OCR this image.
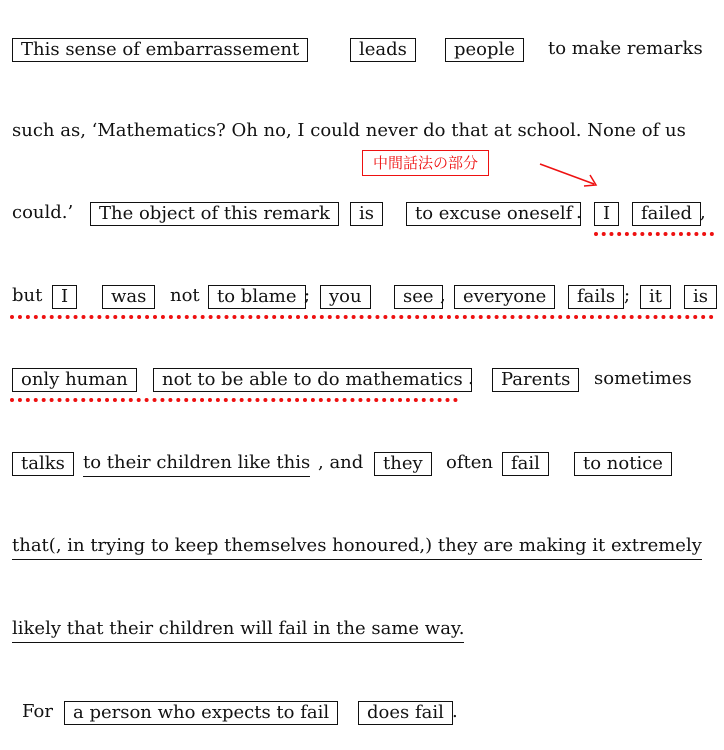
This sense of embarrassement	leads	people	to make remarks
such as, ‘Mathematics? Oh no, I could never do that at school. None of us
中間話法の部分
could.’	The object of this remark	is	to excuse oneself .	I	failed ,
but	I	was	not to blame ;	you	see , everyone	fails ;	it	is
only human	not to be able to do mathematics .	Parents	sometimes
talks	to their children like this , and	they	often	fail	to notice
that(, in trying to keep themselves honoured,) they are making it extremely
likely that their children will fail in the same way.
For	a person who expects to fail	does fail .
